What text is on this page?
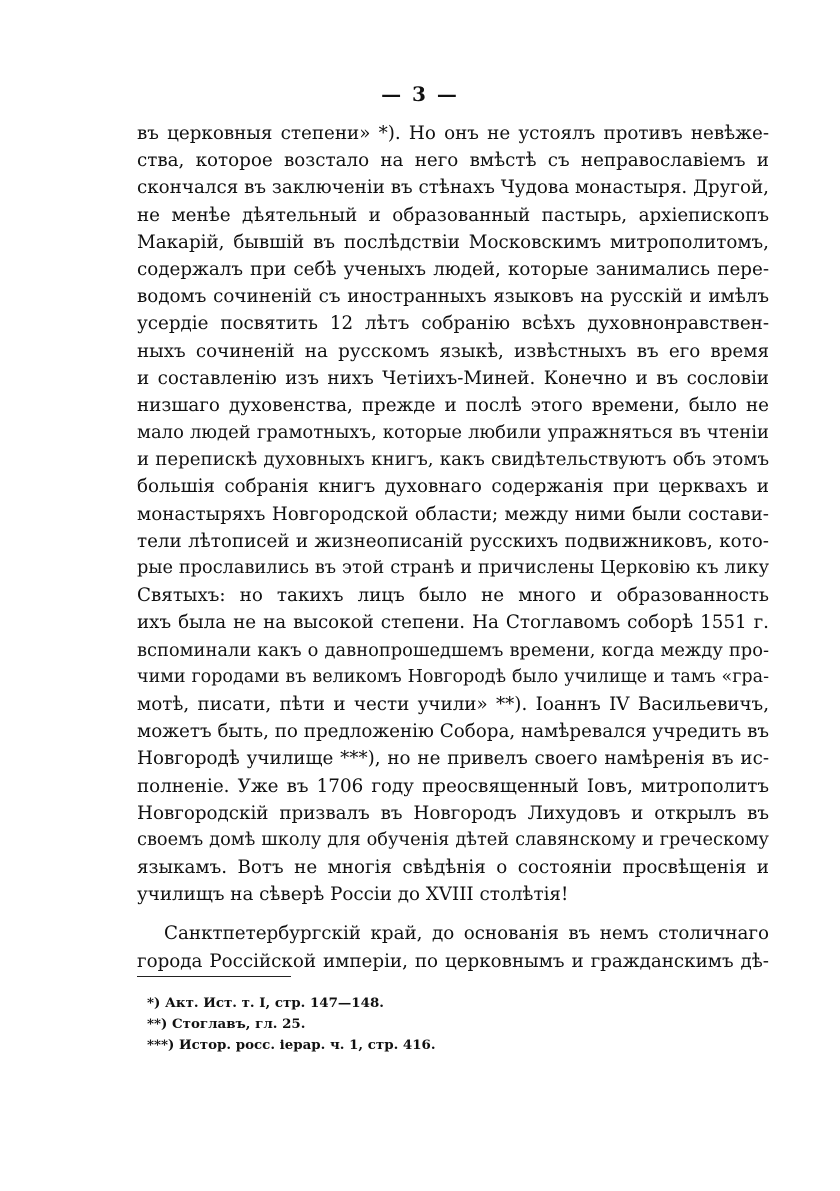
— 3 —
въ церковныя степени» *). Но онъ не устоялъ противъ невѣже-
ства, которое возстало на него вмѣстѣ съ неправославіемъ и
скончался въ заключеніи въ стѣнахъ Чудова монастыря. Другой,
не менѣе дѣятельный и образованный пастырь, архіепископъ
Макарій, бывшій въ послѣдствіи Московскимъ митрополитомъ,
содержалъ при себѣ ученыхъ людей, которые занимались пере-
водомъ сочиненій съ иностранныхъ языковъ на русскій и имѣлъ
усердіе посвятить 12 лѣтъ собранію всѣхъ духовнонравствен-
ныхъ сочиненій на русскомъ языкѣ, извѣстныхъ въ его время
и составленію изъ нихъ Четіихъ-Миней. Конечно и въ сословіи
низшаго духовенства, прежде и послѣ этого времени, было не
мало людей грамотныхъ, которые любили упражняться въ чтеніи
и перепискѣ духовныхъ книгъ, какъ свидѣтельствуютъ объ этомъ
большія собранія книгъ духовнаго содержанія при церквахъ и
монастыряхъ Новгородской области; между ними были состави-
тели лѣтописей и жизнеописаній русскихъ подвижниковъ, кото-
рые прославились въ этой странѣ и причислены Церковію къ лику
Святыхъ: но такихъ лицъ было не много и образованность
ихъ была не на высокой степени. На Стоглавомъ соборѣ 1551 г.
вспоминали какъ о давнопрошедшемъ времени, когда между про-
чими городами въ великомъ Новгородѣ было училище и тамъ «гра-
мотѣ, писати, пѣти и чести учили» **). Іоаннъ IV Васильевичъ,
можетъ быть, по предложенію Собора, намѣревался учредить въ
Новгородѣ училище ***), но не привелъ своего намѣренія въ ис-
полненіе. Уже въ 1706 году преосвященный Іовъ, митрополитъ
Новгородскій призвалъ въ Новгородъ Лихудовъ и открылъ въ
своемъ домѣ школу для обученія дѣтей славянскому и греческому
языкамъ. Вотъ не многія свѣдѣнія о состояніи просвѣщенія и
училищъ на сѣверѣ Россіи до XVIII столѣтія!
Санктпетербургскій край, до основанія въ немъ столичнаго
города Россійской имперіи, по церковнымъ и гражданскимъ дѣ-
*) Акт. Ист. т. I, стр. 147—148.
**) Стоглавъ, гл. 25.
***) Истор. росс. іерар. ч. 1, стр. 416.
